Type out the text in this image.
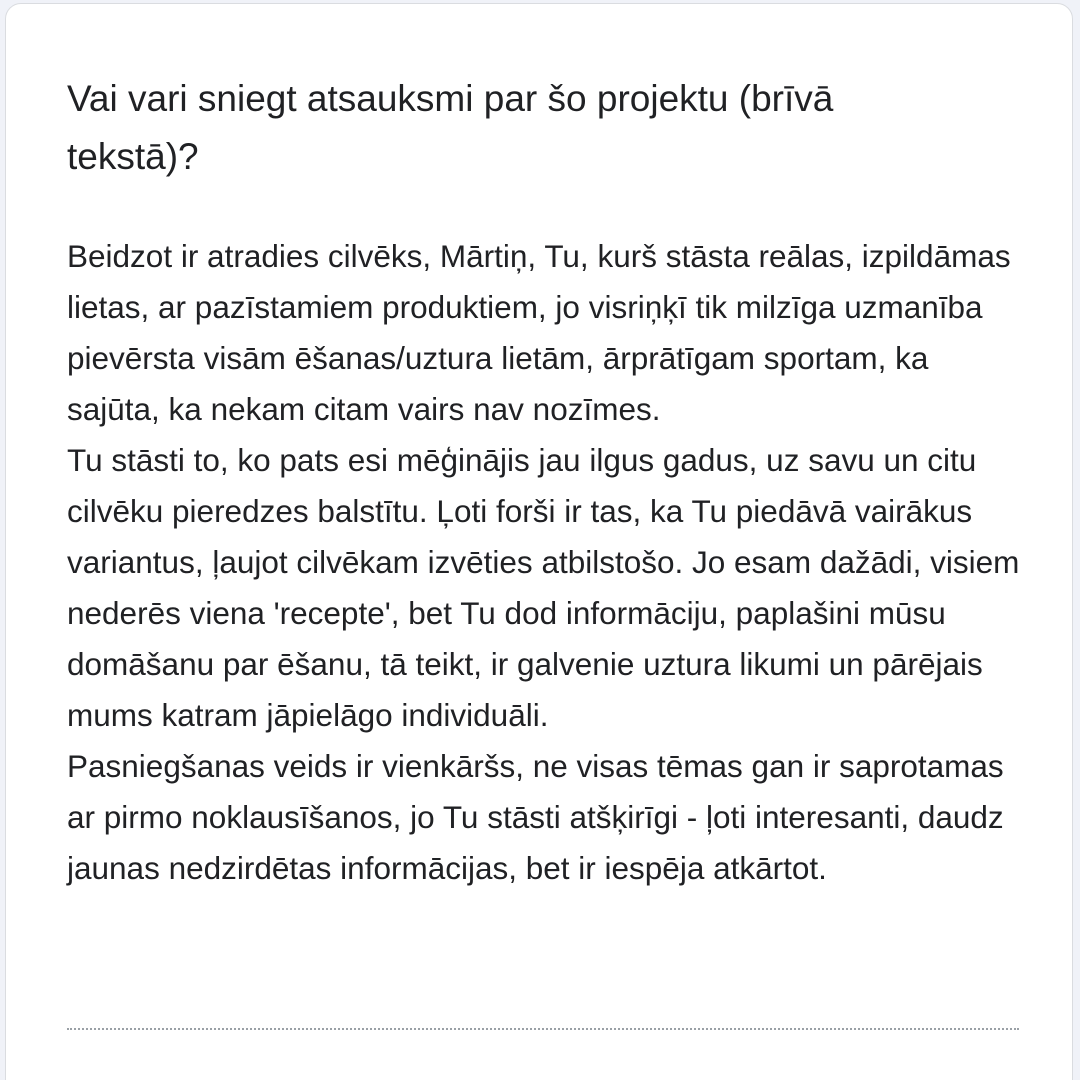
Vai vari sniegt atsauksmi par šo projektu (brīvā tekstā)?

Beidzot ir atradies cilvēks, Mārtiņ, Tu, kurš stāsta reālas, izpildāmas lietas, ar pazīstamiem produktiem, jo visriņķī tik milzīga uzmanība pievērsta visām ēšanas/uztura lietām, ārprātīgam sportam, ka sajūta, ka nekam citam vairs nav nozīmes.

Tu stāsti to, ko pats esi mēģinājis jau ilgus gadus, uz savu un citu cilvēku pieredzes balstītu. Ļoti forši ir tas, ka Tu piedāvā vairākus variantus, ļaujot cilvēkam izvēties atbilstošo. Jo esam dažādi, visiem nederēs viena 'recepte', bet Tu dod informāciju, paplašini mūsu domāšanu par ēšanu, tā teikt, ir galvenie uztura likumi un pārējais mums katram jāpielāgo individuāli.

Pasniegšanas veids ir vienkāršs, ne visas tēmas gan ir saprotamas ar pirmo noklausīšanos, jo Tu stāsti atšķirīgi - ļoti interesanti, daudz jaunas nedzirdētas informācijas, bet ir iespēja atkārtot.
